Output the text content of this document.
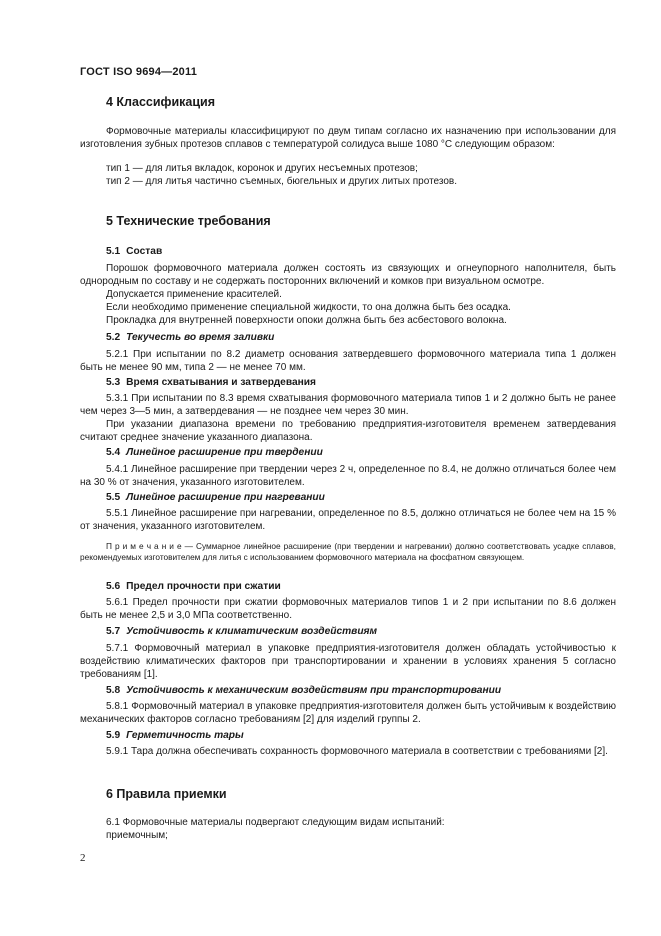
ГОСТ ISO 9694—2011
4 Классификация
Формовочные материалы классифицируют по двум типам согласно их назначению при использовании для изготовления зубных протезов сплавов с температурой солидуса выше 1080 °С следующим образом:
тип 1 — для литья вкладок, коронок и других несъемных протезов;
тип 2 — для литья частично съемных, бюгельных и других литых протезов.
5 Технические требования
5.1 Состав
Порошок формовочного материала должен состоять из связующих и огнеупорного наполнителя, быть однородным по составу и не содержать посторонних включений и комков при визуальном осмотре.
Допускается применение красителей.
Если необходимо применение специальной жидкости, то она должна быть без осадка.
Прокладка для внутренней поверхности опоки должна быть без асбестового волокна.
5.2 Текучесть во время заливки
5.2.1 При испытании по 8.2 диаметр основания затвердевшего формовочного материала типа 1 должен быть не менее 90 мм, типа 2 — не менее 70 мм.
5.3 Время схватывания и затвердевания
5.3.1 При испытании по 8.3 время схватывания формовочного материала типов 1 и 2 должно быть не ранее чем через 3—5 мин, а затвердевания — не позднее чем через 30 мин.
При указании диапазона времени по требованию предприятия-изготовителя временем затвердевания считают среднее значение указанного диапазона.
5.4 Линейное расширение при твердении
5.4.1 Линейное расширение при твердении через 2 ч, определенное по 8.4, не должно отличаться более чем на 30 % от значения, указанного изготовителем.
5.5 Линейное расширение при нагревании
5.5.1 Линейное расширение при нагревании, определенное по 8.5, должно отличаться не более чем на 15 % от значения, указанного изготовителем.
П р и м е ч а н и е — Суммарное линейное расширение (при твердении и нагревании) должно соответствовать усадке сплавов, рекомендуемых изготовителем для литья с использованием формовочного материала на фосфатном связующем.
5.6 Предел прочности при сжатии
5.6.1 Предел прочности при сжатии формовочных материалов типов 1 и 2 при испытании по 8.6 должен быть не менее 2,5 и 3,0 МПа соответственно.
5.7 Устойчивость к климатическим воздействиям
5.7.1 Формовочный материал в упаковке предприятия-изготовителя должен обладать устойчивостью к воздействию климатических факторов при транспортировании и хранении в условиях хранения 5 согласно требованиям [1].
5.8 Устойчивость к механическим воздействиям при транспортировании
5.8.1 Формовочный материал в упаковке предприятия-изготовителя должен быть устойчивым к воздействию механических факторов согласно требованиям [2] для изделий группы 2.
5.9 Герметичность тары
5.9.1 Тара должна обеспечивать сохранность формовочного материала в соответствии с требованиями [2].
6 Правила приемки
6.1 Формовочные материалы подвергают следующим видам испытаний:
приемочным;
2
